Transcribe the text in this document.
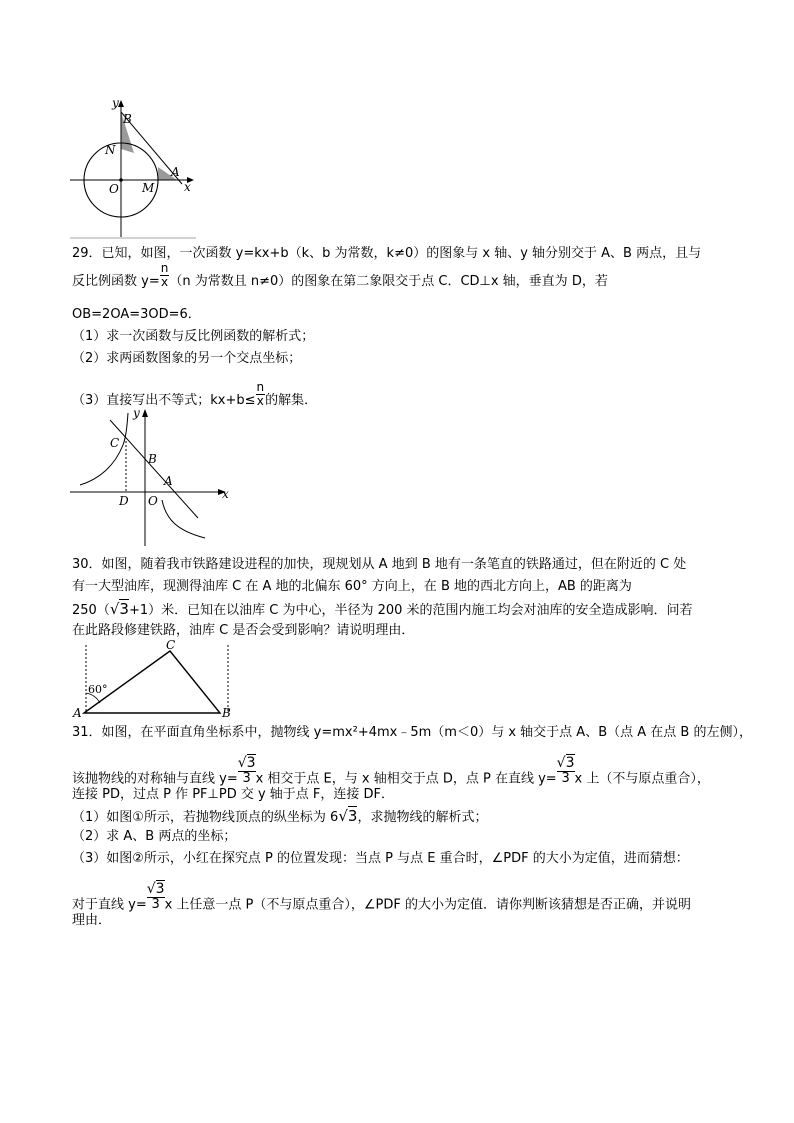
y
B
N
O M
A
x
29．已知，如图，一次函数 y=kx+b（k、b 为常数，k≠0）的图象与 x 轴、y 轴分别交于 A、B 两点，且与
反比例函数 $y= \frac{n}{x} (n$ 为常数且 n≠0）的图象在第二象限交于点 C．CD⊥x 轴，垂直为 D，若
OB=2OA=3OD=6．
（1）求一次函数与反比例函数的解析式；
（2）求两函数图象的另一个交点坐标；
（3）直接写出不等式；$kx+b\le \frac{n}{x}$ 的解集．
C
y
B
A
D O	x
30．如图，随着我市铁路建设进程的加快，现规划从 A 地到 B 地有一条笔直的铁路通过，但在附近的 C 处
有一大型油库，现测得油库 C 在 A 地的北偏东 60° 方向上，在 B 地的西北方向上，AB 的距离为
250（√3+1）米．已知在以油库 C 为中心，半径为 200 米的范围内施工均会对油库的安全造成影响．问若
在此路段修建铁路，油库 C 是否会受到影响？请说明理由．
C
60°
A	B
31．如图，在平面直角坐标系中，抛物线 y=mx²+4mx﹣5m（m＜0）与 x 轴交于点 A、B（点 A 在点 B 的左侧），
该抛物线的对称轴与直线 $y= \frac{√3}{3}$ x 相交于点 E，与 x 轴相交于点 D，点 P 在直线 $y= \frac{√3}{3}$ x 上（不与原点重合），
连接 PD，过点 P 作 PF⊥PD 交 y 轴于点 F，连接 DF．
（1）如图①所示，若抛物线顶点的纵坐标为 6√3，求抛物线的解析式；
（2）求 A、B 两点的坐标；
（3）如图②所示，小红在探究点 P 的位置发现：当点 P 与点 E 重合时，∠PDF 的大小为定值，进而猜想：
对于直线 $y= \frac{√3}{3}$ x 上任意一点 P（不与原点重合），∠PDF 的大小为定值．请你判断该猜想是否正确，并说明
理由．
